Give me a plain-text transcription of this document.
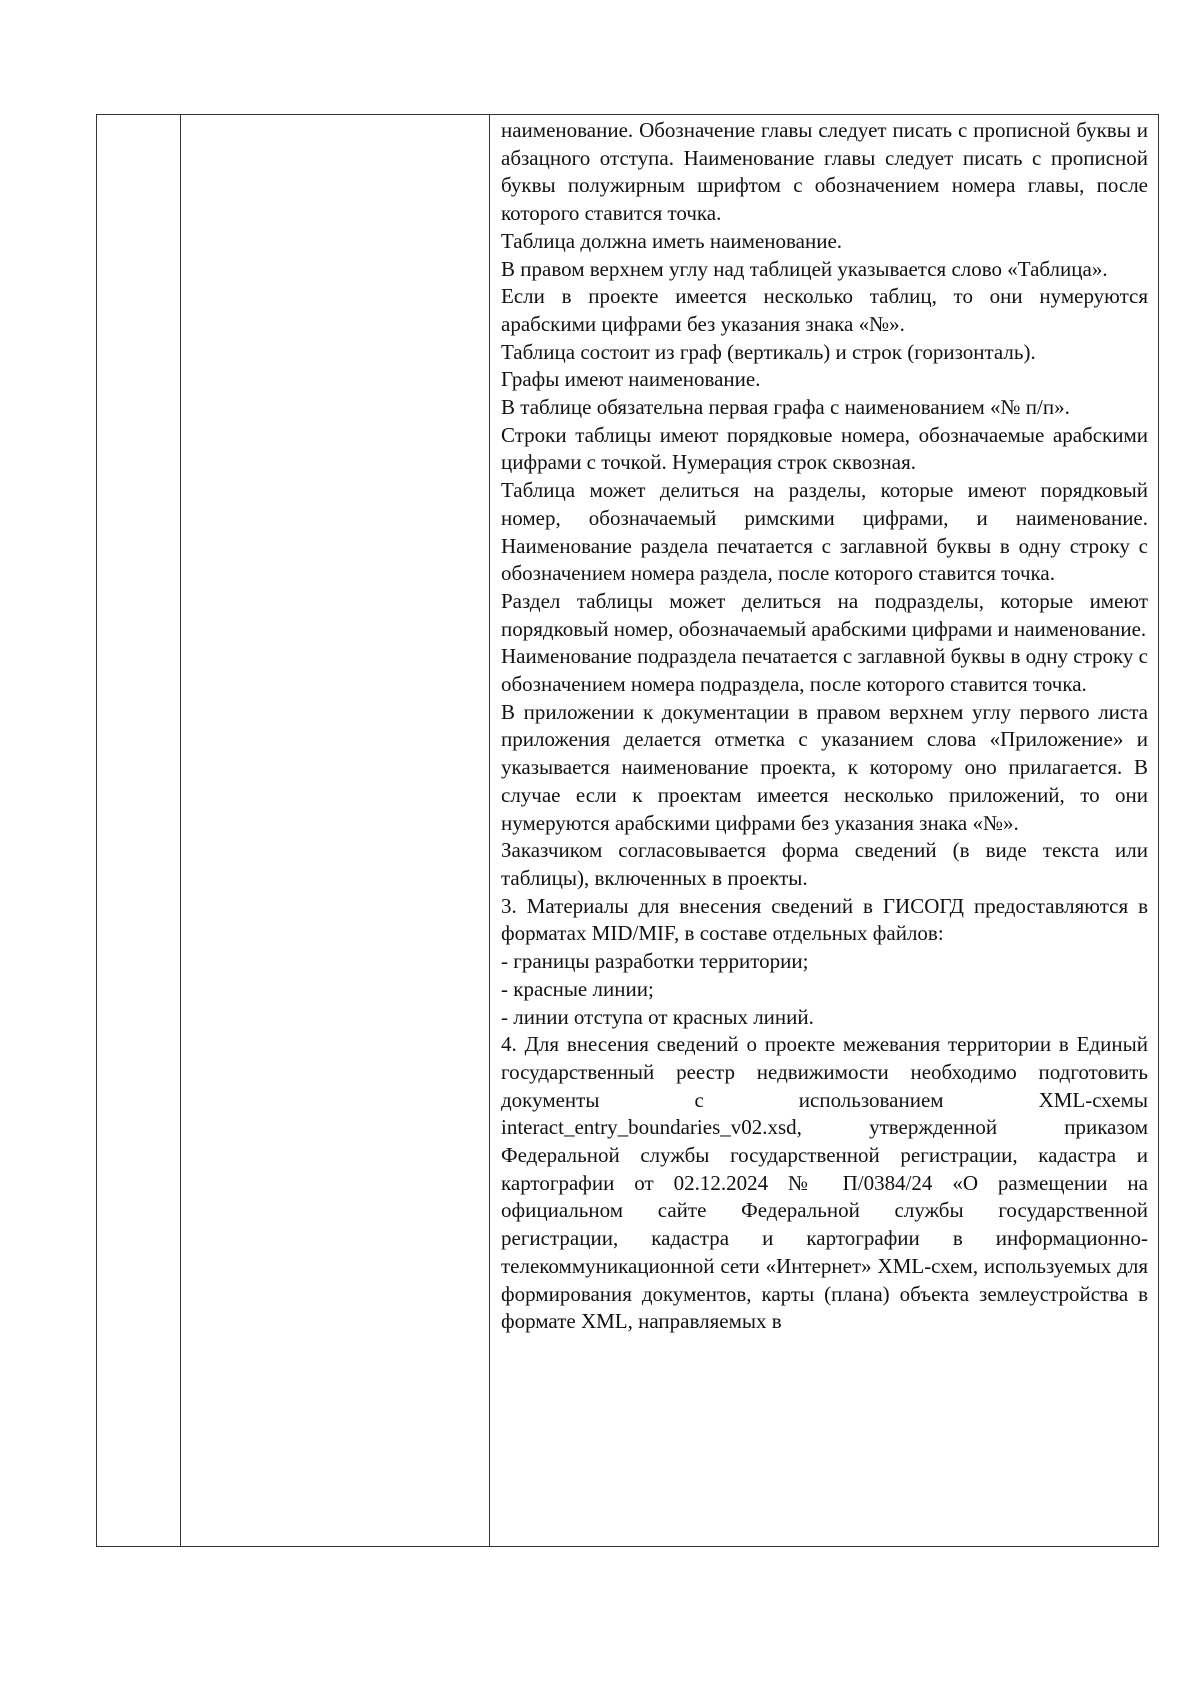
наименование. Обозначение главы следует писать с прописной буквы и абзацного отступа. Наименование главы следует писать с прописной буквы полужирным шрифтом с обозначением номера главы, после которого ставится точка.

Таблица должна иметь наименование.

В правом верхнем углу над таблицей указывается слово «Таблица».

Если в проекте имеется несколько таблиц, то они нумеруются арабскими цифрами без указания знака «№».

Таблица состоит из граф (вертикаль) и строк (горизонталь).

Графы имеют наименование.

В таблице обязательна первая графа с наименованием «№ п/п».

Строки таблицы имеют порядковые номера, обозначаемые арабскими цифрами с точкой. Нумерация строк сквозная.

Таблица может делиться на разделы, которые имеют порядковый номер, обозначаемый римскими цифрами, и наименование. Наименование раздела печатается с заглавной буквы в одну строку с обозначением номера раздела, после которого ставится точка.

Раздел таблицы может делиться на подразделы, которые имеют порядковый номер, обозначаемый арабскими цифрами и наименование.

Наименование подраздела печатается с заглавной буквы в одну строку с обозначением номера подраздела, после которого ставится точка.

В приложении к документации в правом верхнем углу первого листа приложения делается отметка с указанием слова «Приложение» и указывается наименование проекта, к которому оно прилагается. В случае если к проектам имеется несколько приложений, то они нумеруются арабскими цифрами без указания знака «№».

Заказчиком согласовывается форма сведений (в виде текста или таблицы), включенных в проекты.

3. Материалы для внесения сведений в ГИСОГД предоставляются в форматах MID/MIF, в составе отдельных файлов:

- границы разработки территории;

- красные линии;

- линии отступа от красных линий.

4. Для внесения сведений о проекте межевания территории в Единый государственный реестр недвижимости необходимо подготовить документы с использованием XML-схемы interact_entry_boundaries_v02.xsd, утвержденной приказом Федеральной службы государственной регистрации, кадастра и картографии от 02.12.2024 № П/0384/24 «О размещении на официальном сайте Федеральной службы государственной регистрации, кадастра и картографии в информационно-телекоммуникационной сети «Интернет» XML-схем, используемых для формирования документов, карты (плана) объекта землеустройства в формате XML, направляемых в
